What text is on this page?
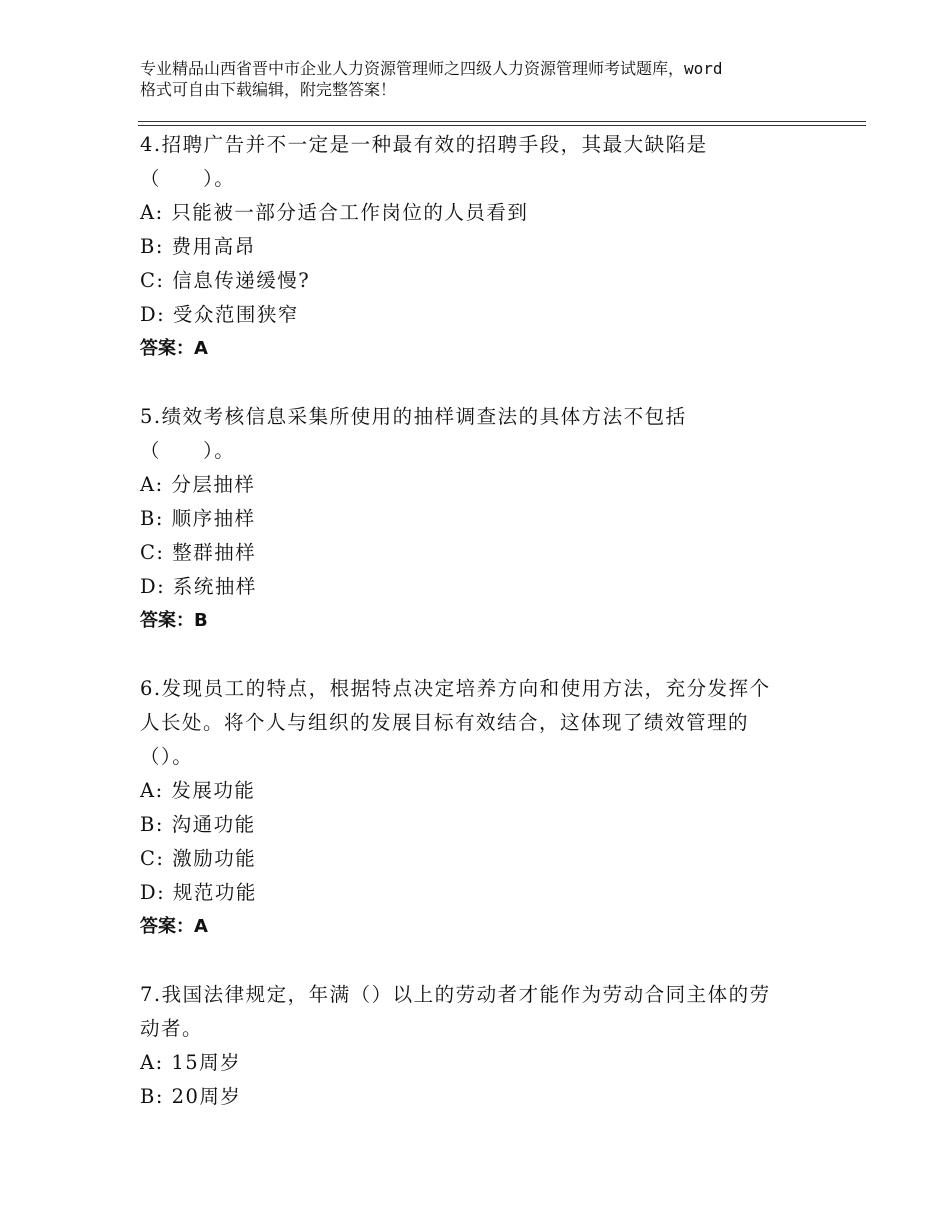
专业精品山西省晋中市企业人力资源管理师之四级人力资源管理师考试题库，word
格式可自由下载编辑，附完整答案！
4.招聘广告并不一定是一种最有效的招聘手段，其最大缺陷是
（　　）。
A: 只能被一部分适合工作岗位的人员看到
B: 费用高昂
C: 信息传递缓慢?
D: 受众范围狭窄
答案：A
5.绩效考核信息采集所使用的抽样调查法的具体方法不包括
（　　）。
A: 分层抽样
B: 顺序抽样
C: 整群抽样
D: 系统抽样
答案：B
6.发现员工的特点，根据特点决定培养方向和使用方法，充分发挥个
人长处。将个人与组织的发展目标有效结合，这体现了绩效管理的
（）。
A: 发展功能
B: 沟通功能
C: 激励功能
D: 规范功能
答案：A
7.我国法律规定，年满（）以上的劳动者才能作为劳动合同主体的劳
动者。
A: 15周岁
B: 20周岁
